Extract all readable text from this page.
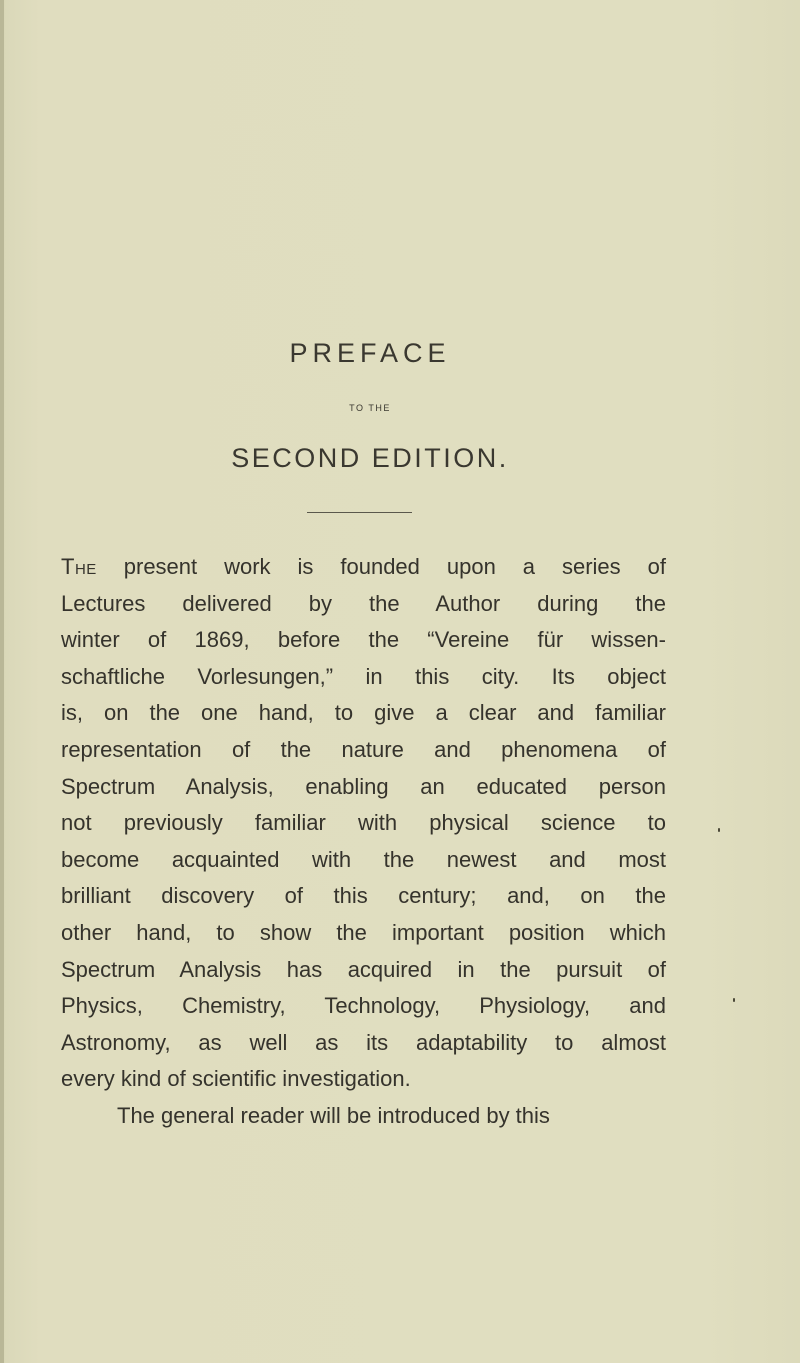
PREFACE
TO THE
SECOND EDITION.
The present work is founded upon a series of
Lectures delivered by the Author during the
winter of 1869, before the “Vereine für wissen-
schaftliche Vorlesungen,” in this city. Its object
is, on the one hand, to give a clear and familiar
representation of the nature and phenomena of
Spectrum Analysis, enabling an educated person
not previously familiar with physical science to
become acquainted with the newest and most
brilliant discovery of this century; and, on the
other hand, to show the important position which
Spectrum Analysis has acquired in the pursuit of
Physics, Chemistry, Technology, Physiology, and
Astronomy, as well as its adaptability to almost
every kind of scientific investigation.
The general reader will be introduced by this
